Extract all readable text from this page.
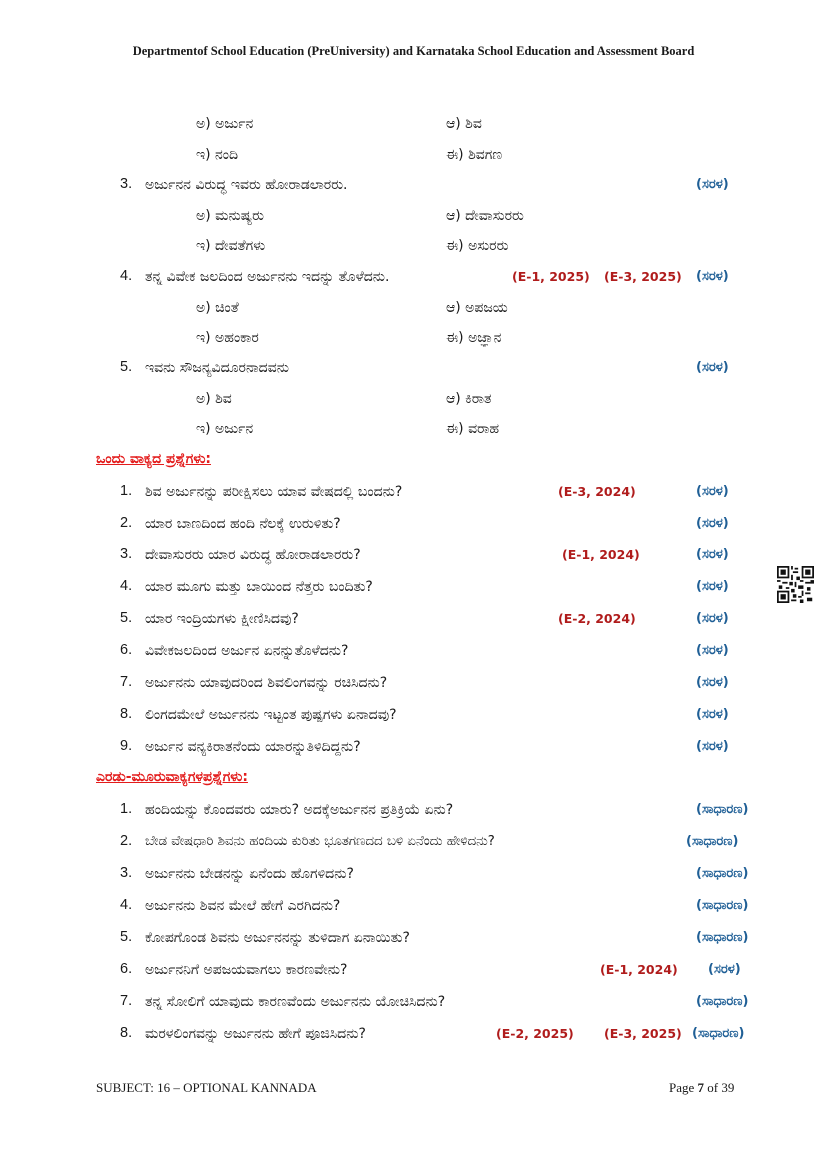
Departmentof School Education (PreUniversity) and Karnataka School Education and Assessment Board
ಅ) ಅರ್ಜುನ	ಆ) ಶಿವ
ಇ) ನಂದಿ	ಈ) ಶಿವಗಣ
3. ಅರ್ಜುನನ ವಿರುದ್ಧ ಇವರು ಹೋರಾಡಲಾರರು.	(ಸರಳ)
ಅ) ಮನುಷ್ಯರು	ಆ) ದೇವಾಸುರರು
ಇ) ದೇವತೆಗಳು	ಈ) ಅಸುರರು
4. ತನ್ನ ವಿವೇಕ ಜಲದಿಂದ ಅರ್ಜುನನು ಇದನ್ನು ತೊಳೆದನು.	(E-1, 2025) (E-3, 2025) (ಸರಳ)
ಅ) ಚಿಂತೆ	ಆ) ಅಪಜಯ
ಇ) ಅಹಂಕಾರ	ಈ) ಅಜ್ಞಾನ
5. ಇವನು ಸೌಜನ್ಯವಿದೂರನಾದವನು	(ಸರಳ)
ಅ) ಶಿವ	ಆ) ಕಿರಾತ
ಇ) ಅರ್ಜುನ	ಈ) ವರಾಹ
ಒಂದು ವಾಕ್ಯದ ಪ್ರಶ್ನೆಗಳು:
1. ಶಿವ ಅರ್ಜುನನ್ನು ಪರೀಕ್ಷಿಸಲು ಯಾವ ವೇಷದಲ್ಲಿ ಬಂದನು?	(E-3, 2024)	(ಸರಳ)
2. ಯಾರ ಬಾಣದಿಂದ ಹಂದಿ ನೆಲಕ್ಕೆ ಉರುಳಿತು?	(ಸರಳ)
3. ದೇವಾಸುರರು ಯಾರ ವಿರುದ್ಧ ಹೋರಾಡಲಾರರು?	(E-1, 2024)	(ಸರಳ)
4. ಯಾರ ಮೂಗು ಮತ್ತು ಬಾಯಿಂದ ನೆತ್ತರು ಬಂದಿತು?	(ಸರಳ)
5. ಯಾರ ಇಂದ್ರಿಯಗಳು ಕ್ಷೀಣಿಸಿದವು?	(E-2, 2024)	(ಸರಳ)
6. ವಿವೇಕಜಲದಿಂದ ಅರ್ಜುನ ಏನನ್ನುತೊಳೆದನು?	(ಸರಳ)
7. ಅರ್ಜುನನು ಯಾವುದರಿಂದ ಶಿವಲಿಂಗವನ್ನು ರಚಿಸಿದನು?	(ಸರಳ)
8. ಲಿಂಗದಮೇಲೆ ಅರ್ಜುನನು ಇಟ್ಟಂತ ಪುಷ್ಪಗಳು ಏನಾದವು?	(ಸರಳ)
9. ಅರ್ಜುನ ವನ್ಯಕಿರಾತನೆಂದು ಯಾರನ್ನುತಿಳಿದಿದ್ದನು?	(ಸರಳ)
ಎರಡು-ಮೂರುವಾಕ್ಯಗಳಪ್ರಶ್ನೆಗಳು:
1. ಹಂದಿಯನ್ನು ಕೊಂದವರು ಯಾರು? ಅದಕ್ಕೆಅರ್ಜುನನ ಪ್ರತಿಕ್ರಿಯೆ ಏನು?	(ಸಾಧಾರಣ)
2. ಬೇಡ ವೇಷಧಾರಿ ಶಿವನು ಹಂದಿಯ ಕುರಿತು ಭೂತಗಣದದ ಬಳಿ ಏನೆಂದು ಹೇಳಿದನು?	(ಸಾಧಾರಣ)
3. ಅರ್ಜುನನು ಬೇಡನನ್ನು ಏನೆಂದು ಹೊಗಳಿದನು?	(ಸಾಧಾರಣ)
4. ಅರ್ಜುನನು ಶಿವನ ಮೇಲೆ ಹೇಗೆ ಎರಗಿದನು?	(ಸಾಧಾರಣ)
5. ಕೋಪಗೊಂಡ ಶಿವನು ಅರ್ಜುನನನ್ನು ತುಳಿದಾಗ ಏನಾಯಿತು?	(ಸಾಧಾರಣ)
6. ಅರ್ಜುನನಿಗೆ ಅಪಜಯವಾಗಲು ಕಾರಣವೇನು?	(E-1, 2024) (ಸರಳ)
7. ತನ್ನ ಸೋಲಿಗೆ ಯಾವುದು ಕಾರಣವೆಂದು ಅರ್ಜುನನು ಯೋಚಿಸಿದನು?	(ಸಾಧಾರಣ)
8. ಮರಳಲಿಂಗವನ್ನು ಅರ್ಜುನನು ಹೇಗೆ ಪೂಜಿಸಿದನು?	(E-2, 2025) (E-3, 2025) (ಸಾಧಾರಣ)
SUBJECT: 16 – OPTIONAL KANNADA	Page 7 of 39
